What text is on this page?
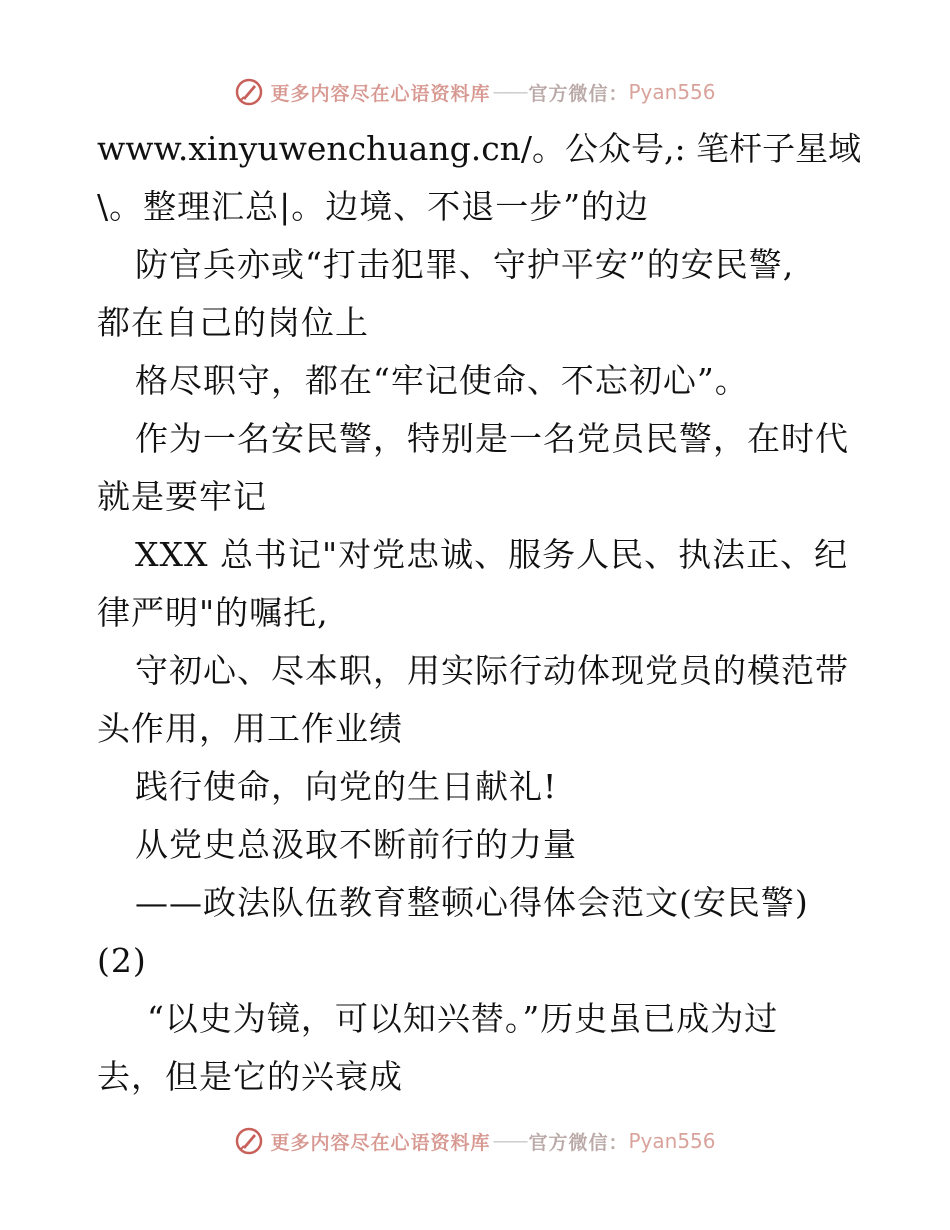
更多内容尽在心语资料库 —— 官方微信： Pyan556
www.xinyuwenchuang.cn/。公众号,: 笔杆子星域
\。整理汇总|。边境、不退一步”的边
防官兵亦或“打击犯罪、守护平安”的安民警,
都在自己的岗位上
格尽职守，都在“牢记使命、不忘初心”。
作为一名安民警，特别是一名党员民警，在时代
就是要牢记
XXX 总书记"对党忠诚、服务人民、执法正、纪
律严明"的嘱托,
守初心、尽本职，用实际行动体现党员的模范带
头作用，用工作业绩
践行使命，向党的生日献礼!
从党史总汲取不断前行的力量
——政法队伍教育整顿心得体会范文(安民警)
(2)
“以史为镜，可以知兴替。”历史虽已成为过
去，但是它的兴衰成
更多内容尽在心语资料库 —— 官方微信： Pyan556
